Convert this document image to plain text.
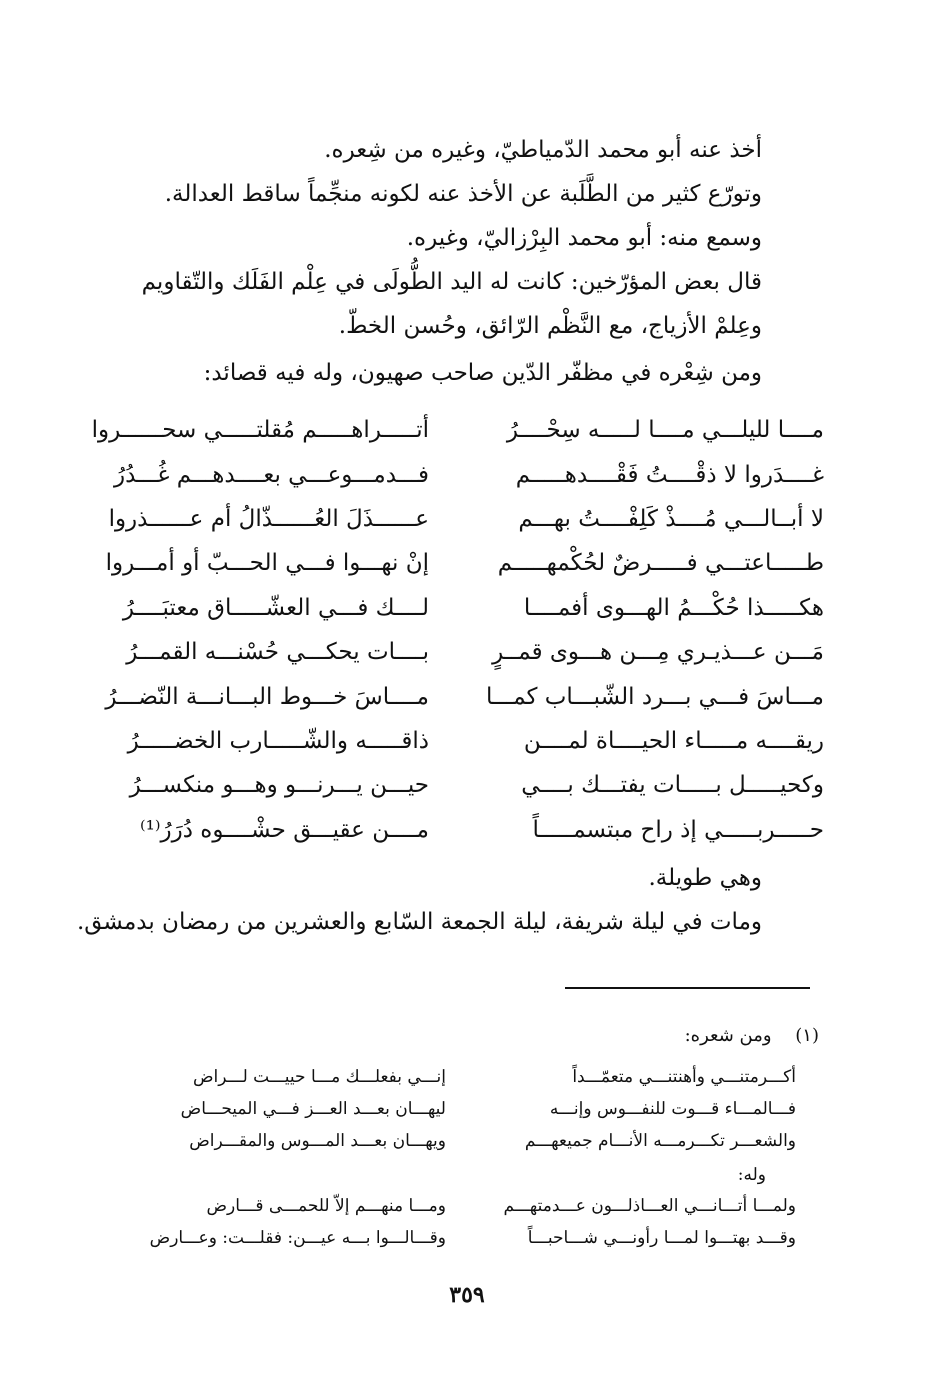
أخذ عنه أبو محمد الدّمياطيّ، وغيره من شِعره.

وتورّع كثير من الطَّلَبة عن الأخذ عنه لكونه منجِّماً ساقط العدالة.

وسمع منه: أبو محمد البِرْزاليّ، وغيره.

قال بعض المؤرّخين: كانت له اليد الطُّولَى في عِلْم الفَلَك والتّقاويم

وعِلمْ الأزياج، مع النَّظْم الرّائق، وحُسن الخطّ.

ومن شِعْره في مظفّر الدّين صاحب صهيون، وله فيه قصائد:
مــــا لليلـــي مــــا لـــــه سِحْــــرُ
أتـــــراهـــــم مُقلتـــــي سحــــــروا
غــــدَروا لا ذقْــــتُ فَقْــــدهـــــم
فـــدمـــوعـــي بعــــدهـــم غُـــدُرُ
لا أبــالـــي مُــــذْ كَلِفْــــتُ بهـــم
عــــــذَلَ العُــــــذّالُ أم عــــــذروا
طـــــاعتـــي فـــــرضٌ لحُكْمهـــــم
إنْ نهـــوا فـــي الحـــبّ أو أمـــروا
هكـــــذا حُكْـــمُ الهـــوى أفمــــا
لــــك فـــي العشّـــــاق معتبَــــرُ
مَـــن عـــذيـري مِـــن هـــوى قمــرٍ
بــــات يحكـــي حُسْنـــه القمـــرُ
مـــاسَ فـــي بـــرد الشّبـــاب كمـــا
مــــاسَ خـــوط البـــانـــة النّضـــرُ
ريقــــه مـــــاء الحيــــاة لمــــن
ذاقـــــه والشّـــــارب الخضـــــرُ
وكحيـــــل بـــــات يفتـــك بــــي
حيـــن يـــرنـــو وهـــو منكســـرُ
حـــــربـــــي إذ راح مبتسمـــــاً
مــــن عقيـــق حشْــــوه دُرَرُ⁽¹⁾

وهي طويلة.

ومات في ليلة شريفة، ليلة الجمعة السّابع والعشرين من رمضان بدمشق.

(١) ومن شعره:
أكـــرمتنـــي وأهنتنـــي متعمّـــداً
إنـــي بفعلـــك مـــا حييـــت لـــراض
فـــالمـــاء قـــوت للنفـــوس وإنـــه
ليهـــان بعـــد العـــز فـــي الميحـــاض
والشعـــر تكـــرمـــه الأنـــام جميعهـــم
ويهـــان بعـــد المـــوس والمقـــراض
وله:
ولمـــا أتـــانـــي العـــاذلـــون عـــدمتهـــم
ومـــا منهـــم إلاّ للحمـــى قـــارض
وقـــد بهتـــوا لمـــا رأونـــي شـــاحبـــاً
وقـــالـــوا بـــه عيـــن: فقلـــت: وعـــارض
٣٥٩
